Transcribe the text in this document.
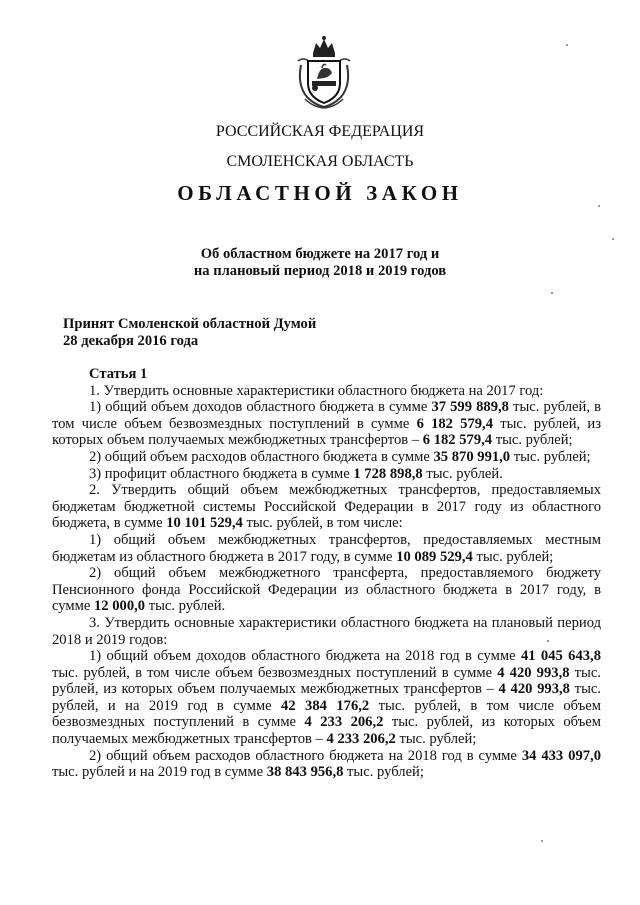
РОССИЙСКАЯ ФЕДЕРАЦИЯ
СМОЛЕНСКАЯ ОБЛАСТЬ
ОБЛАСТНОЙ ЗАКОН
Об областном бюджете на 2017 год и
на плановый период 2018 и 2019 годов
Принят Смоленской областной Думой
28 декабря 2016 года

Статья 1

1. Утвердить основные характеристики областного бюджета на 2017 год:

1) общий объем доходов областного бюджета в сумме 37 599 889,8 тыс. рублей, в том числе объем безвозмездных поступлений в сумме 6 182 579,4 тыс. рублей, из которых объем получаемых межбюджетных трансфертов – 6 182 579,4 тыс. рублей;

2) общий объем расходов областного бюджета в сумме 35 870 991,0 тыс. рублей;

3) профицит областного бюджета в сумме 1 728 898,8 тыс. рублей.

2. Утвердить общий объем межбюджетных трансфертов, предоставляемых бюджетам бюджетной системы Российской Федерации в 2017 году из областного бюджета, в сумме 10 101 529,4 тыс. рублей, в том числе:

1) общий объем межбюджетных трансфертов, предоставляемых местным бюджетам из областного бюджета в 2017 году, в сумме 10 089 529,4 тыс. рублей;

2) общий объем межбюджетного трансферта, предоставляемого бюджету Пенсионного фонда Российской Федерации из областного бюджета в 2017 году, в сумме 12 000,0 тыс. рублей.

3. Утвердить основные характеристики областного бюджета на плановый период 2018 и 2019 годов:

1) общий объем доходов областного бюджета на 2018 год в сумме 41 045 643,8 тыс. рублей, в том числе объем безвозмездных поступлений в сумме 4 420 993,8 тыс. рублей, из которых объем получаемых межбюджетных трансфертов – 4 420 993,8 тыс. рублей, и на 2019 год в сумме 42 384 176,2 тыс. рублей, в том числе объем безвозмездных поступлений в сумме 4 233 206,2 тыс. рублей, из которых объем получаемых межбюджетных трансфертов – 4 233 206,2 тыс. рублей;

2) общий объем расходов областного бюджета на 2018 год в сумме 34 433 097,0 тыс. рублей и на 2019 год в сумме 38 843 956,8 тыс. рублей;
